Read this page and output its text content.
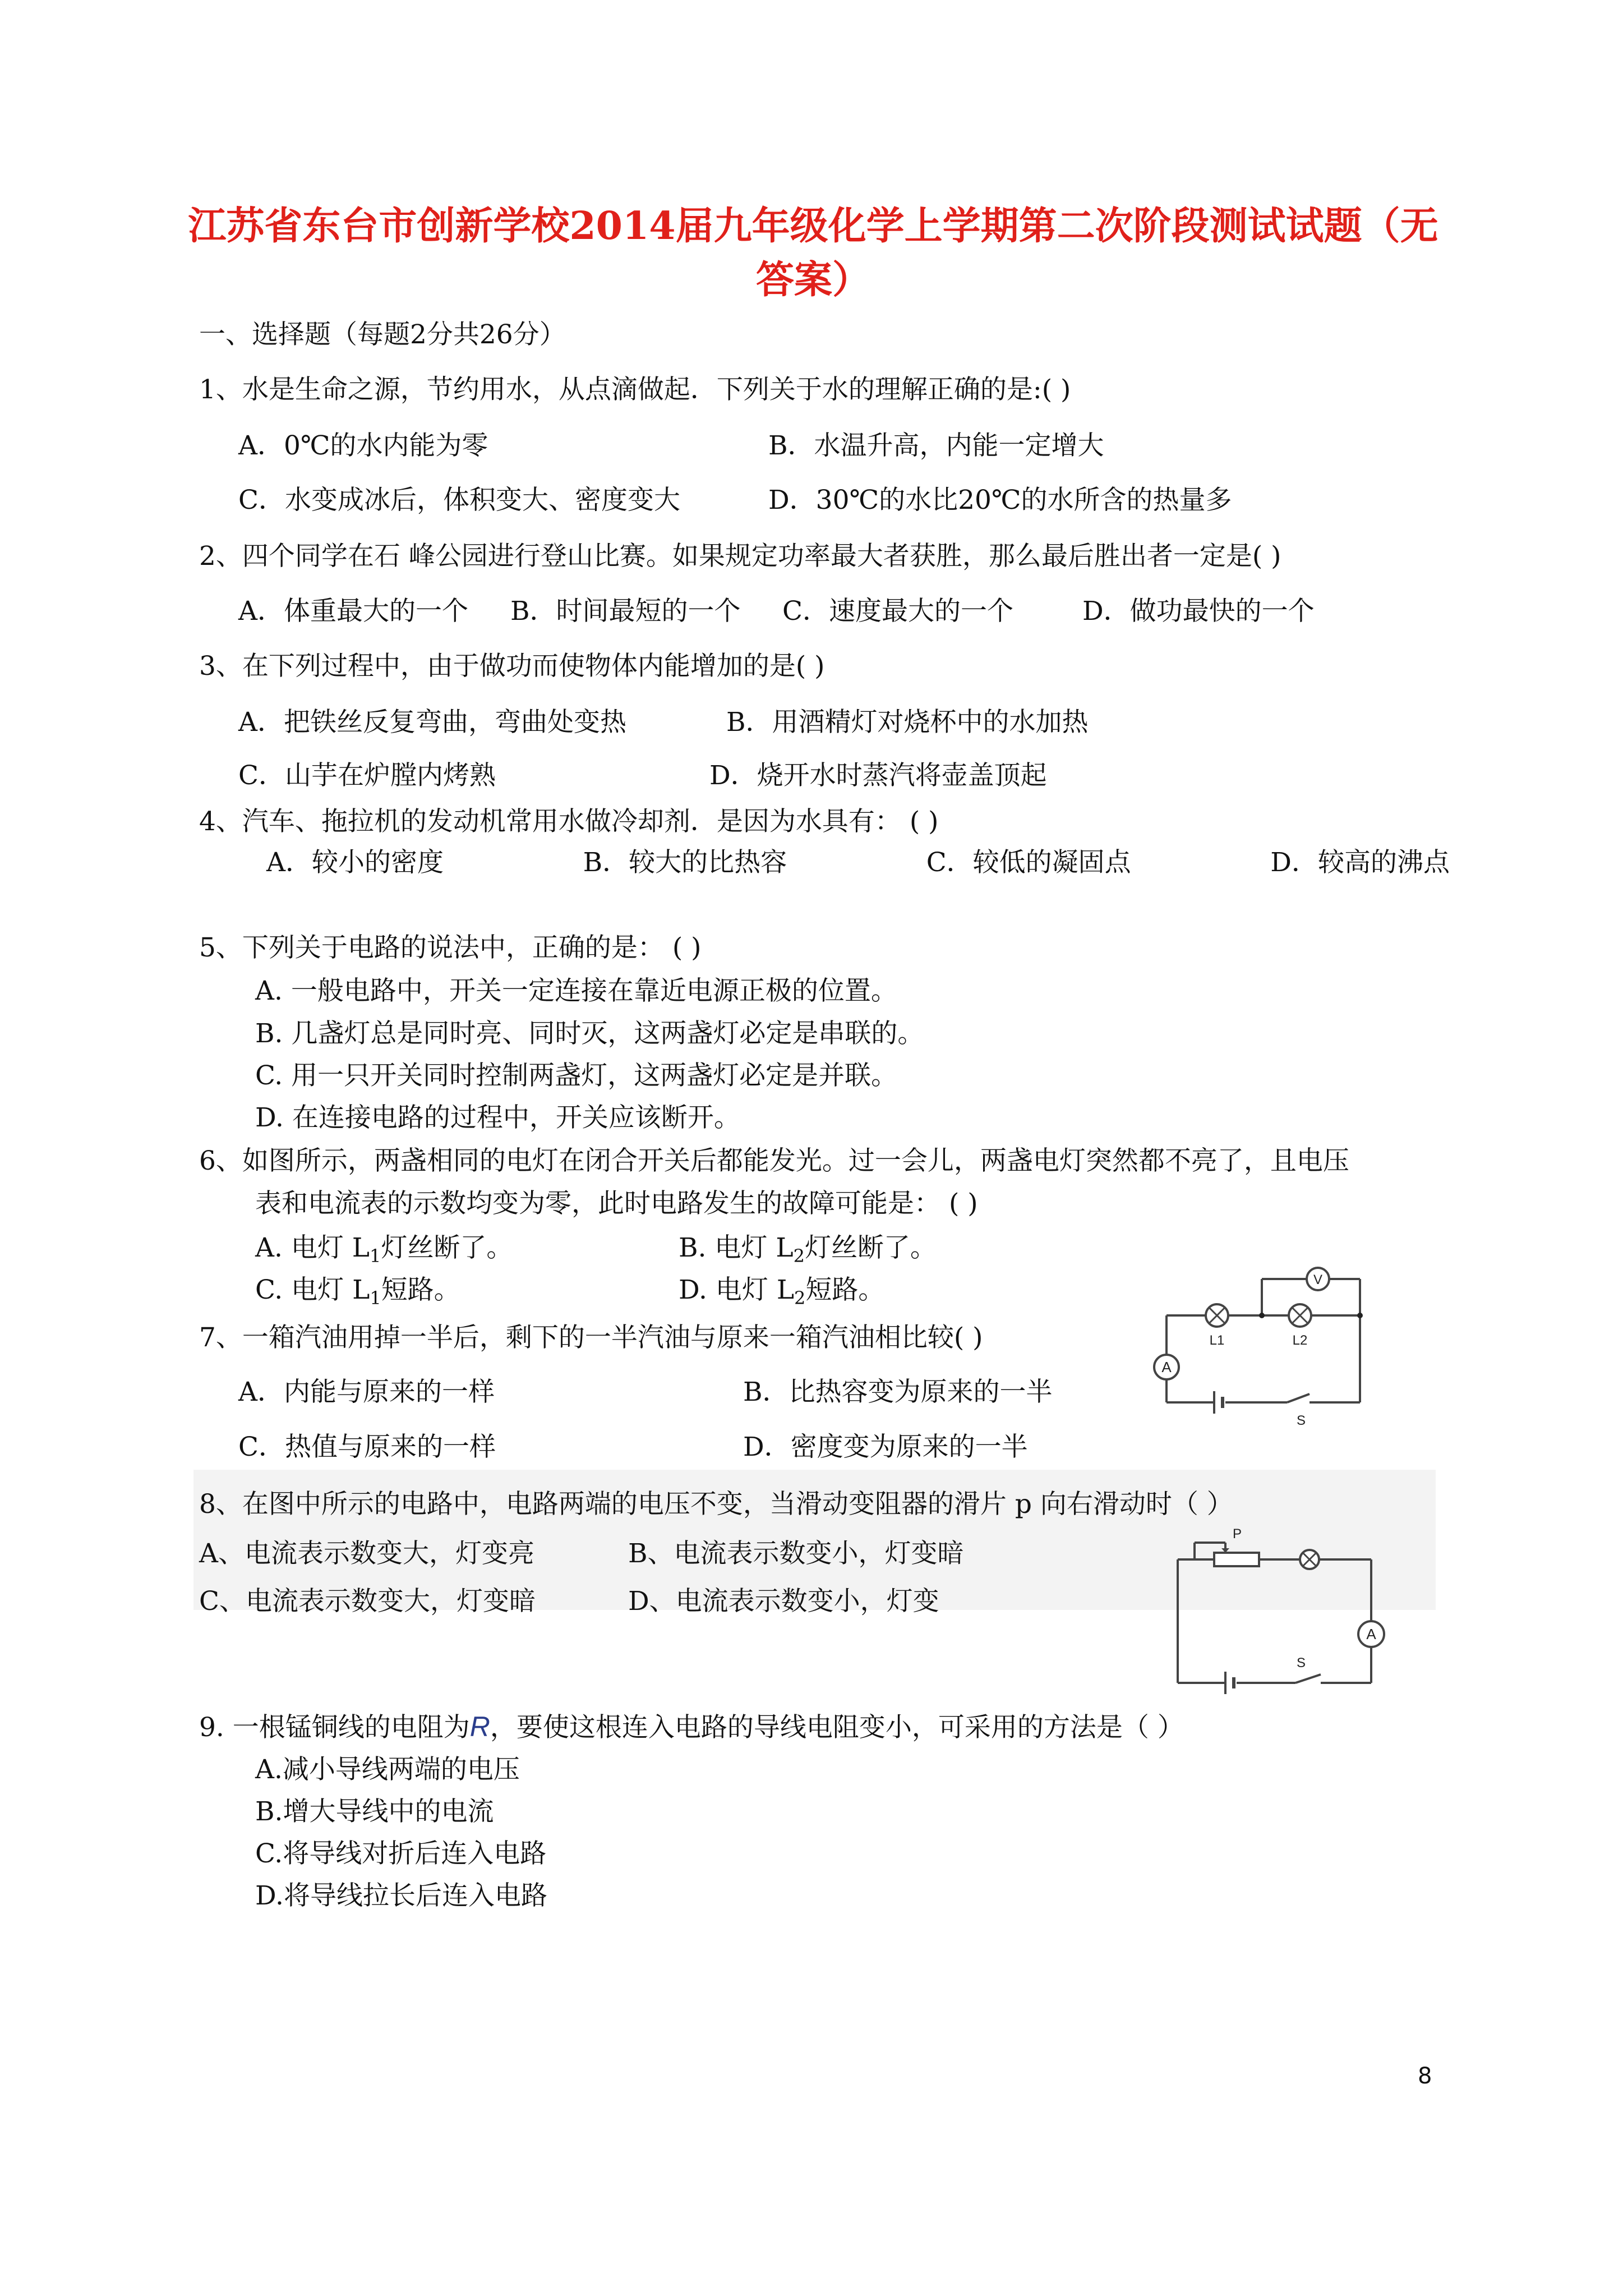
江苏省东台市创新学校2014届九年级化学上学期第二次阶段测试试题（无
答案）
一、选择题（每题2分共26分）
1、水是生命之源，节约用水，从点滴做起．下列关于水的理解正确的是:( )
A．0℃的水内能为零	B．水温升高，内能一定增大
C．水变成冰后，体积变大、密度变大	D．30℃的水比20℃的水所含的热量多
2、四个同学在石 峰公园进行登山比赛。如果规定功率最大者获胜，那么最后胜出者一定是( )
A．体重最大的一个 B．时间最短的一个 C．速度最大的一个	D．做功最快的一个
3、在下列过程中，由于做功而使物体内能增加的是( )
A．把铁丝反复弯曲，弯曲处变热	B．用酒精灯对烧杯中的水加热
C．山芋在炉膛内烤熟	D．烧开水时蒸汽将壶盖顶起
4、汽车、拖拉机的发动机常用水做冷却剂．是因为水具有： ( )
A．较小的密度	B．较大的比热容	C．较低的凝固点	D．较高的沸点
5、下列关于电路的说法中，正确的是： ( )
A. 一般电路中，开关一定连接在靠近电源正极的位置。
B. 几盏灯总是同时亮、同时灭，这两盏灯必定是串联的。
C. 用一只开关同时控制两盏灯，这两盏灯必定是并联。
D. 在连接电路的过程中，开关应该断开。
6、如图所示，两盏相同的电灯在闭合开关后都能发光。过一会儿，两盏电灯突然都不亮了，且电压
表和电流表的示数均变为零，此时电路发生的故障可能是： ( )
A. 电灯 $L_1$灯丝断了。	B. 电灯 $L_2$灯丝断了。
C. 电灯 $L_1$短路。	D. 电灯 $L_2$短路。
A
V
L1	L2
S
7、一箱汽油用掉一半后，剩下的一半汽油与原来一箱汽油相比较( )
A．内能与原来的一样	B．比热容变为原来的一半
C．热值与原来的一样	D．密度变为原来的一半
8、在图中所示的电路中，电路两端的电压不变，当滑动变阻器的滑片 p 向右滑动时（ ）
A、电流表示数变大，灯变亮	B、电流表示数变小，灯变暗
C、电流表示数变大，灯变暗	D、电流表示数变小，灯变
P
A
S
9. 一根锰铜线的电阻为R，要使这根连入电路的导线电阻变小，可采用的方法是（ ）
A.减小导线两端的电压
B.增大导线中的电流
C.将导线对折后连入电路
D.将导线拉长后连入电路
8
